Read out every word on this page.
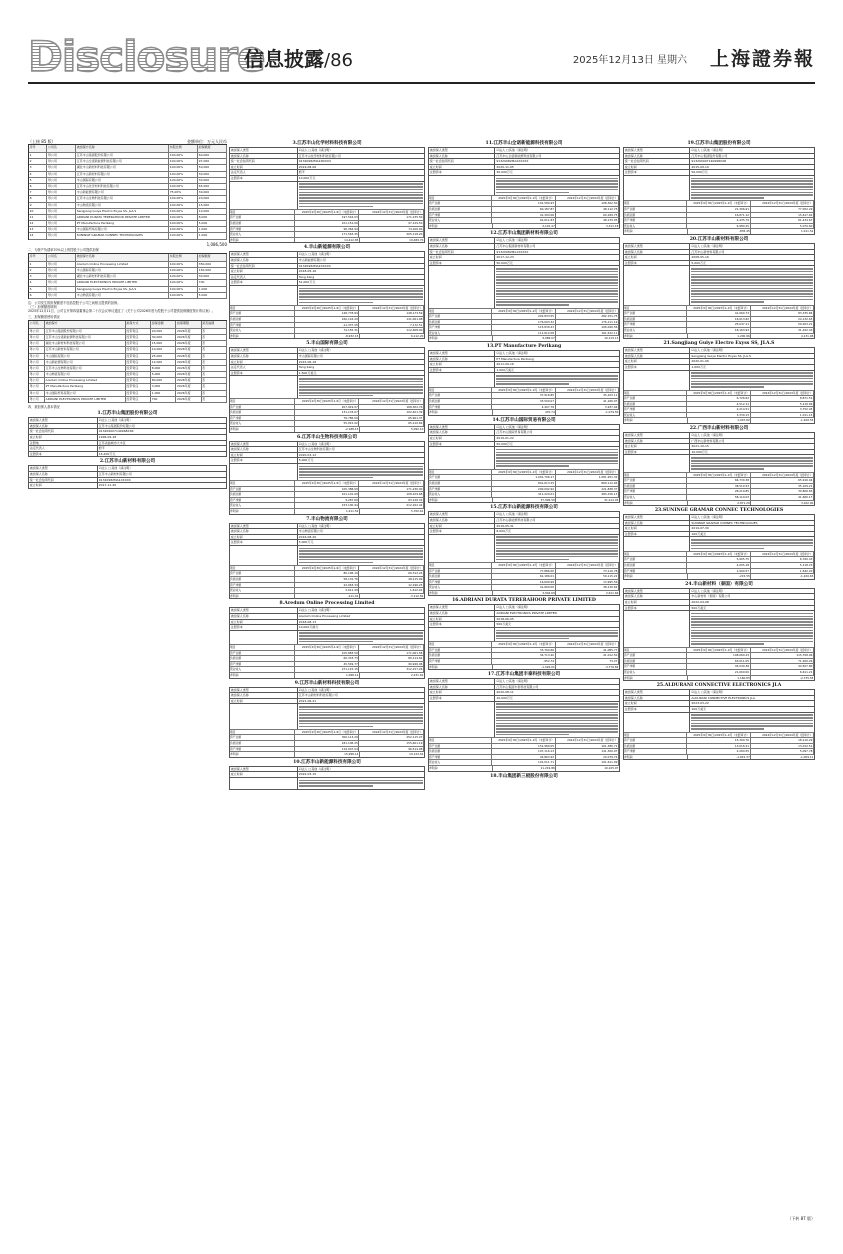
Disclosure
信息披露/86	2025年12月13日 星期六 上海證券報
（上接 85 版）	金额单位：万元人民币
序号	公司名	被担保方名称	持股比例	担保额度
1	母公司	江苏丰山集团股份有限公司	100.00%	60,000
2	母公司	江苏丰山全诺新能源科技有限公司	100.00%	97,000
3	母公司	湖北丰山新材料科技有限公司	100.00%	50,000
4	母公司	江苏丰山新材料有限公司	100.00%	30,000
5	母公司	丰山国际有限公司	100.00%	30,000
6	母公司	江苏丰山化学材料科技有限公司	100.00%	65,000
7	母公司	丰山新能源有限公司	75.00%	30,000
8	母公司	江苏丰山生物科技有限公司	100.00%	20,000
9	母公司	丰山物流有限公司	100.00%	15,000
10	母公司	Sangjiang Guiye Electro Exyss SS, JLA.S	100.00%	10,000
11	母公司	ADRIANI DURATA TERERAHOOR PRIVATE LIMITED	100.00%	8,000
12	母公司	PT Manufacture Perikang	100.00%	5,000
13	母公司	丰山国际贸易有限公司	100.00%	1,000
14	母公司	SUNINGE GRAMAR CONNEC TECHNOLOGIES	100.00%	1,000
1,086,500
二、为资产负债率70%以上的控股子公司提供担保
序号	公司名	被担保方名称	持股比例	担保额度
1	母公司	Aredum Online Processing Limited	100.00%	350,000
2	母公司	丰山国际有限公司	100.00%	150,000
3	母公司	湖北丰山新材料科技有限公司	100.00%	30,000
4	母公司	ADRIANI ELECTRONICS PRIVATE LIMITED	100.00%	700
5	母公司	Sangjiang Guiye Electro Exyss SS, JLA.S	100.00%	1,000
6	母公司	丰山物流有限公司	100.00%	5,000
注：公司发生的担保额度不包括控股子公司之间相互提供的担保。
（三）担保额度调剂
2025年12月11日，公司召开第四届董事会第二十次会议审议通过了《关于公司2026年度为控股子公司提供担保额度预计的议案》。
三、担保额度使用情况
公司名	被担保方	担保方式	担保金额	担保期限	是否逾期
母公司	江苏丰山集团股份有限公司	连带责任	20,000	2026年度	否
母公司	江苏丰山全诺新能源科技有限公司	连带责任	30,000	2026年度	否
母公司	湖北丰山新材料科技有限公司	连带责任	15,000	2026年度	否
母公司	江苏丰山新材料有限公司	连带责任	10,000	2026年度	否
母公司	丰山国际有限公司	连带责任	25,000	2026年度	否
母公司	丰山新能源有限公司	连带责任	12,000	2026年度	否
母公司	江苏丰山生物科技有限公司	连带责任	8,000	2026年度	否
母公司	丰山物流有限公司	连带责任	5,000	2026年度	否
母公司	Aredum Online Processing Limited	连带责任	80,000	2026年度	否
母公司	PT Manufacture Perikang	连带责任	3,000	2026年度	否
母公司	丰山国际贸易有限公司	连带责任	1,000	2026年度	否
母公司	ADRIANI ELECTRONICS PRIVATE LIMITED	连带责任	700	2026年度	否
四、被担保人基本情况
1.江苏丰山集团股份有限公司
被担保人类型	☑法人 □其他（请注明）
被担保人名称	江苏丰山集团股份有限公司
统一社会信用代码	913209007140968XXR
成立时间	1996-09-18
注册地	江苏省盐城市大丰区
法定代表人	殷平
注册资本	16,200万元
2.江苏丰山新材料有限公司
被担保人类型	☑法人 □其他（请注明）
被担保人名称	江苏丰山新材料有限公司
统一社会信用代码	91320982MA1XXXXX
成立时间	2017-11-20
3.江苏丰山化学材料科技有限公司
被担保人类型	☑法人 □其他（请注明）
被担保人名称	江苏丰山化学材料科技有限公司
统一社会信用代码	91320982MA1NXXXX
成立时间	2019-08-06
法定代表人	殷平
注册资本	10,000万元
项目	2025年9月30日/2025年1-9月（未经审计）	2024年12月31日/2024年度（经审计）
资产总额	197,516.03	171,235.50
负债总额	101,151.09	97,129.50
资产净额	96,364.94	74,106.00
营业收入	171,563.45	205,118.20
净利润	14,412.85	19,489.70
4.丰山新能源有限公司
被担保人类型	☑法人 □其他（请注明）
被担保人名称	丰山新能源有限公司
统一社会信用代码	91320982MA2XXXXX
成立时间	2018-05-16
法定代表人	Tang Kang
注册资本	51,000万元
项目	2025年9月30日/2025年1-9月（未经审计）	2024年12月31日/2024年度（经审计）
资产总额	148,778.84	148,173.59
负债总额	160,116.29	141,001.08
资产净额	-11,337.45	7,172.51
营业收入	74,155.31	112,608.90
净利润	-8,932.15	6,112.20
5.丰山国际有限公司
被担保人类型	☑法人 □其他（请注明）
被担保人名称	丰山国际有限公司
成立时间	2015-06-18
法定代表人	Tang Kang
注册资本	1,500万美元
项目	2025年9月30日/2025年1-9月（未经审计）	2024年12月31日/2024年度（经审计）
资产总额	207,919.07	168,302.76
负债总额	131,133.07	102,401.39
资产净额	76,786.00	65,901.37
营业收入	55,015.02	65,110.82
净利润	-2,188.15	5,092.10
6.江苏丰山生物科技有限公司
被担保人类型	☑法人 □其他（请注明）
被担保人名称	江苏丰山生物科技有限公司
成立时间	2020-03-12
注册资本	5,000万元
项目	2025年9月30日/2025年1-9月（未经审计）	2024年12月31日/2024年度（经审计）
资产总额	105,388.69	171,236.00
负债总额	101,101.09	108,109.68
资产净额	4,287.60	63,126.32
营业收入	153,100.94	212,162.42
净利润	1,211.52	5,700.61
7.丰山物流有限公司
被担保人类型	☑法人 □其他（请注明）
被担保人名称	丰山物流有限公司
成立时间	2016-08-20
注册资本	5,000万元
项目	2025年9月30日/2025年1-9月（未经审计）	2024年12月31日/2024年度（经审计）
资产总额	80,196.10	60,312.24
负债总额	58,132.76	48,115.99
资产净额	22,063.34	12,196.25
营业收入	3,611.49	1,612.91
净利润	-211.01	-3,112.82
8.Aredum Online Processing Limited
被担保人类型	☑法人 □其他（请注明）
被担保人名称	Aredum Online Processing Limited
成立时间	2018-08-13
注册资本	10,000万港元
项目	2025年9月30日/2025年1-9月（未经审计）	2024年12月31日/2024年度（经审计）
资产总额	105,883.50	171,061.58
负债总额	60,333.73	80,114.62
资产净额	45,549.77	90,946.96
营业收入	271,115.15	312,157.26
净利润	1,098.12	2,231.62
9.江苏丰山新材料科技有限公司
被担保人类型	☑法人 □其他（请注明）
被担保人名称	江苏丰山新材料科技有限公司
成立时间	2021-06-21
项目	2025年9月30日/2025年1-9月（未经审计）	2024年12月31日/2024年度（经审计）
资产总额	300,113.29	252,115.27
负债总额	181,106.25	155,601.19
资产净额	119,007.04	96,514.08
净利润	15,998.14	10,124.54
10.江苏丰山新能源科技有限公司
被担保人类型	☑法人 □其他（请注明）
成立时间	2022-03-15
11.江苏丰山全诺新能源科技有限公司
被担保人类型	☑法人 □其他（请注明）
被担保人名称	江苏丰山全诺新能源科技有限公司
统一社会信用代码	91320982MA2XXXXX
成立时间	2020-11-05
注册资本	30,000万元
项目	2025年9月30日/2025年1-9月（未经审计）	2024年12月31日/2024年度（经审计）
资产总额	101,580.93	108,302.50
负债总额	60,187.87	48,112.75
资产净额	41,393.06	60,189.75
营业收入	91,611.83	48,133.05
净利润	2,101.47	3,311.18
12.江苏丰山集团新材料有限公司
被担保人类型	☑法人 □其他（请注明）
被担保人名称	江苏丰山集团新材料有限公司
统一社会信用代码	91320982MA1XXXXX
成立时间	2017-12-23
注册资本	50,000万元
项目	2025年9月30日/2025年1-9月（未经审计）	2024年12月31日/2024年度（经审计）
资产总额	291,833.55	282,151.75
负债总额	176,003.32	176,111.19
资产净额	115,830.23	106,040.56
营业收入	111,612.08	161,612.11
净利润	9,089.07	10,115.13
13.PT Manufacture Perikang
被担保人类型	☑法人 □其他（请注明）
被担保人名称	PT Manufacture Perikang
成立时间	2011-09-16
注册资本	1,000万美元
项目	2025年9月30日/2025年1-9月（未经审计）	2024年12月31日/2024年度（经审计）
资产总额	37,916.85	45,103.11
负债总额	33,509.07	41,166.07
资产净额	4,407.78	3,937.04
净利润	470.74	-1,079.50
14.江苏丰山国际贸易有限公司
被担保人类型	☑法人 □其他（请注明）
被担保人名称	江苏丰山国际贸易有限公司
成立时间	2019-01-22
注册资本	50,000万元
项目	2025年9月30日/2025年1-9月（未经审计）	2024年12月31日/2024年度（经审计）
资产总额	1,001,706.17	1,081,951.32
负债总额	801,613.25	860,112.95
资产净额	200,092.92	221,838.37
营业收入	411,220.01	484,156.13
净利润	37,999.50	31,212.05
15.江苏丰山新能源科技有限公司
被担保人类型	☑法人 □其他（请注明）
被担保人名称	江苏丰山新能源科技有限公司
成立时间	2019-05-31
注册资本	8,000万元
项目	2025年9月30日/2025年1-9月（未经审计）	2024年12月31日/2024年度（经审计）
资产总额	77,886.00	73,110.78
负债总额	61,186.01	59,115.22
资产净额	16,699.99	13,995.56
营业收入	41,660.00	38,130.62
净利润	3,904.69	2,611.66
16.ADRIANI DURATA TERERAHOOR PRIVATE LIMITED
被担保人类型	☑法人 □其他（请注明）
被担保人名称	ADRIANI ELECTRONICS PRIVATE LIMITED
成立时间	2018-06-05
注册资本	500万美元
项目	2025年9月30日/2025年1-9月（未经审计）	2024年12月31日/2024年度（经审计）
资产总额	33,760.66	41,085.77
负债总额	34,713.40	41,012.50
资产净额	-952.74	73.27
净利润	-1,026.01	-3,776.82
17.江苏丰山集团丰泰科技有限公司
被担保人类型	☑法人 □其他（请注明）
被担保人名称	江苏丰山集团丰泰科技有限公司
成立时间	2020-08-11
注册资本	10,000万元
项目	2025年9月30日/2025年1-9月（未经审计）	2024年12月31日/2024年度（经审计）
资产总额	151,980.05	161,380.71
负债总额	107,116.13	141,300.97
资产净额	44,863.92	20,079.74
营业收入	101,011.71	101,611.09
净利润	11,219.86	10,105.07
18.丰山集团新三板股份有限公司
19.江苏丰山集团股份有限公司
被担保人类型	☑法人 □其他（请注明）
被担保人名称	江苏丰山集团股份有限公司
统一社会信用代码	913209007140968XXR
成立时间	2015-09-10
注册资本	50,000万元
项目	2025年9月30日/2025年1-9月（未经审计）	2024年12月31日/2024年度（经审计）
资产总额	21,306.91	77,052.29
负债总额	16,871.12	15,617.62
资产净额	4,435.79	61,434.67
营业收入	6,980.25	5,070.60
净利润	-835.45	1,011.52
20.江苏丰山新材料有限公司
被担保人类型	☑法人 □其他（请注明）
被担保人名称	江苏丰山新材料有限公司
成立时间	2008-05-16
注册资本	5,000万元
项目	2025年9月30日/2025年1-9月（未经审计）	2024年12月31日/2024年度（经审计）
资产总额	41,060.73	83,335.84
负债总额	16,013.62	24,132.63
资产净额	25,047.11	59,203.21
营业收入	18,163.93	31,102.43
净利润	1,200.96	4,131.08
21.Sangjiang Guiye Electro Exyss SS, JLA.S
被担保人类型	☑法人 □其他（请注明）
被担保人名称	Sangjiang Guiye Electro Exyss SS, JLA.S
成立时间	2020-01-06
注册资本	1,000万元
项目	2025年9月30日/2025年1-9月（未经审计）	2024年12月31日/2024年度（经审计）
资产总额	6,726.62	8,871.51
负债总额	4,512.11	5,119.06
资产净额	2,214.51	3,752.45
营业收入	3,330.13	1,011.15
净利润	1,007.82	-1,200.55
22.广西丰山新材料有限公司
被担保人类型	☑法人 □其他（请注明）
被担保人名称	广西丰山新材料有限公司
成立时间	2021-10-15
注册资本	10,000万元
项目	2025年9月30日/2025年1-9月（未经审计）	2024年12月31日/2024年度（经审计）
资产总额	66,730.38	65,916.04
负债总额	38,510.53	35,109.21
资产净额	28,219.85	30,806.83
营业收入	58,110.03	41,660.17
净利润	2,871.29	3,102.00
23.SUNINGE GRAMAR CONNEC TECHNOLOGIES
被担保人类型	☑法人 □其他（请注明）
被担保人名称	SUNINGE GRAMAR CONNEC TECHNOLOGIES
成立时间	2019-07-30
注册资本	100万美元
项目	2025年9月30日/2025年1-9月（未经审计）	2024年12月31日/2024年度（经审计）
资产总额	5,905.75	6,760.43
负债总额	4,005.18	5,118.23
资产净额	1,900.57	1,642.20
净利润	-215.55	-1,100.63
24.丰山新材料（泰国）有限公司
被担保人类型	☑法人 □其他（请注明）
被担保人名称	丰山新材料（泰国）有限公司
成立时间	2022-04-08
注册资本	500万美元
项目	2025年9月30日/2025年1-9月（未经审计）	2024年12月31日/2024年度（经审计）
资产总额	108,060.43	115,708.06
负债总额	63,011.05	71,200.26
资产净额	45,049.38	44,507.80
营业收入	21,060.00	6,611.21
净利润	1,160.83	-2,735.55
25.ALDURANI CONNECTIVE ELECTRONICS JLA
被担保人类型	☑法人 □其他（请注明）
被担保人名称	ALDURANI CONNECTIVE ELECTRONICS JLA
成立时间	2023-03-22
注册资本	100万美元
项目	2025年9月30日/2025年1-9月（未经审计）	2024年12月31日/2024年度（经审计）
资产总额	15,300.76	18,110.29
负债总额	13,016.21	13,012.51
资产净额	2,284.55	5,097.78
净利润	-1,815.37	-1,009.11
（下转 87 版）
